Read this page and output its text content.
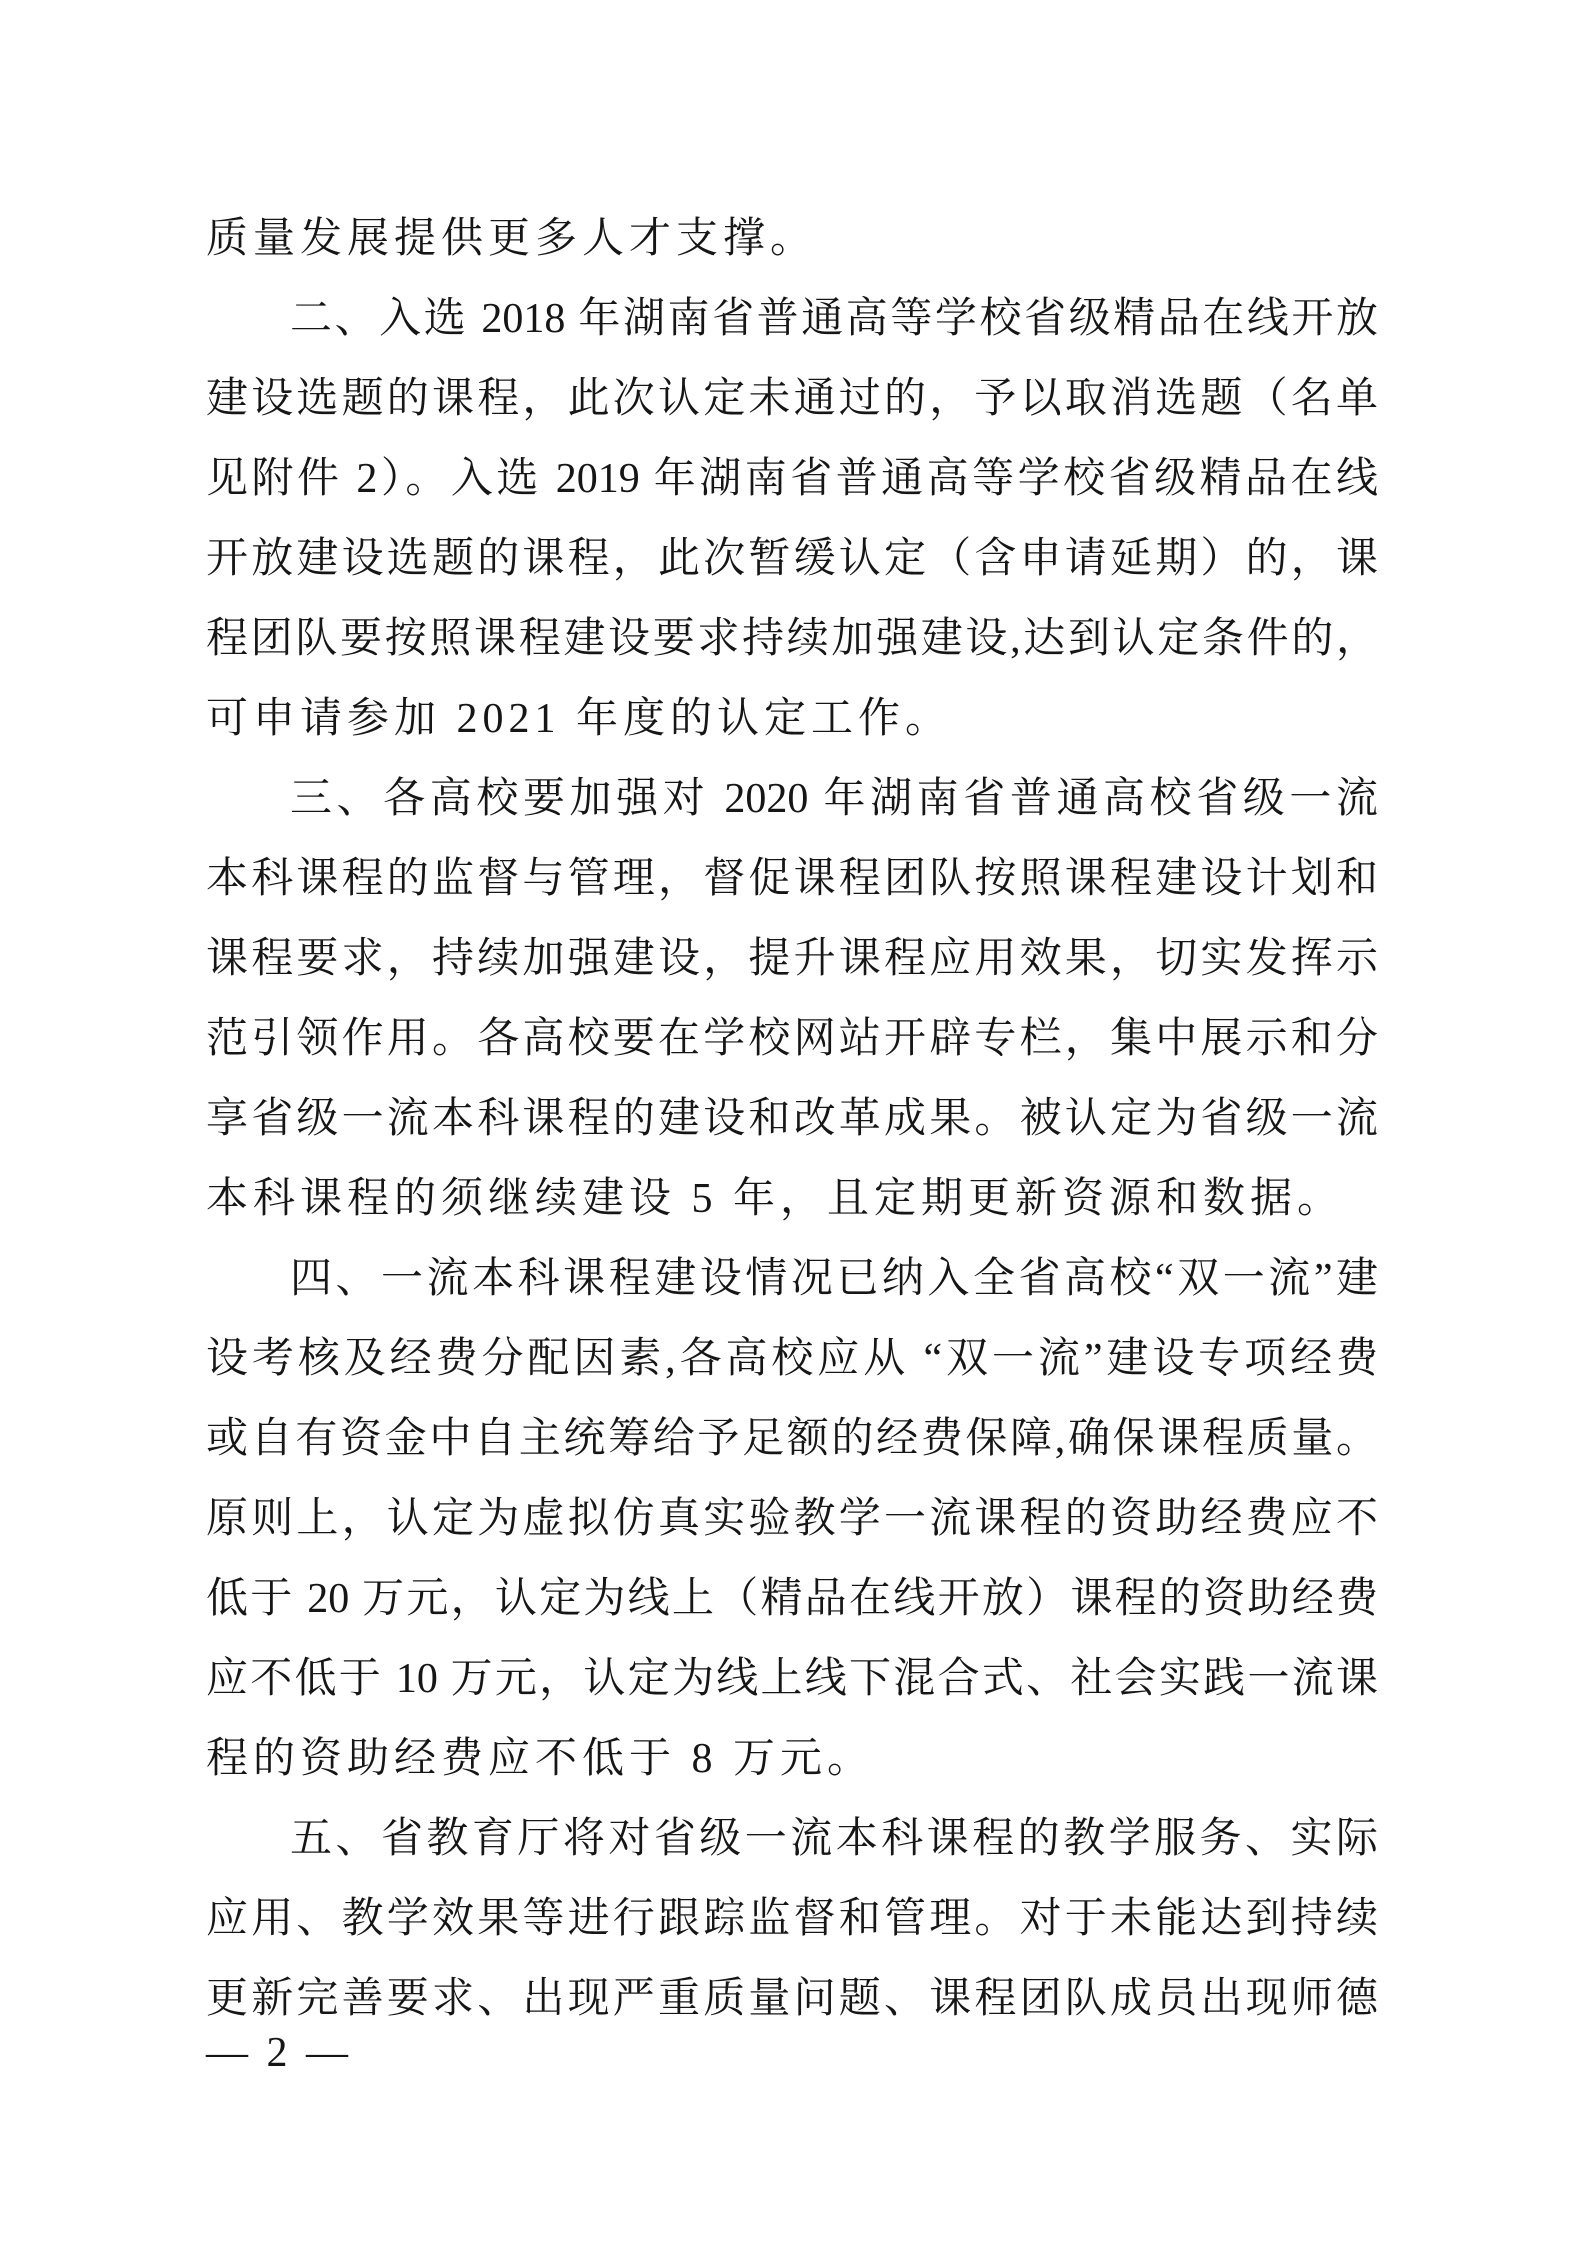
质量发展提供更多人才支撑。
二、入选 2018 年湖南省普通高等学校省级精品在线开放
建设选题的课程，此次认定未通过的，予以取消选题（名单
见附件 2）。入选 2019 年湖南省普通高等学校省级精品在线
开放建设选题的课程，此次暂缓认定（含申请延期）的，课
程团队要按照课程建设要求持续加强建设,达到认定条件的，
可申请参加 2021 年度的认定工作。
三、各高校要加强对 2020 年湖南省普通高校省级一流
本科课程的监督与管理，督促课程团队按照课程建设计划和
课程要求，持续加强建设，提升课程应用效果，切实发挥示
范引领作用。各高校要在学校网站开辟专栏，集中展示和分
享省级一流本科课程的建设和改革成果。被认定为省级一流
本科课程的须继续建设 5 年，且定期更新资源和数据。
四、一流本科课程建设情况已纳入全省高校“双一流”建
设考核及经费分配因素,各高校应从 “双一流”建设专项经费
或自有资金中自主统筹给予足额的经费保障,确保课程质量。
原则上，认定为虚拟仿真实验教学一流课程的资助经费应不
低于 20 万元，认定为线上（精品在线开放）课程的资助经费
应不低于 10 万元，认定为线上线下混合式、社会实践一流课
程的资助经费应不低于 8 万元。
五、省教育厅将对省级一流本科课程的教学服务、实际
应用、教学效果等进行跟踪监督和管理。对于未能达到持续
更新完善要求、出现严重质量问题、课程团队成员出现师德
— 2 —
